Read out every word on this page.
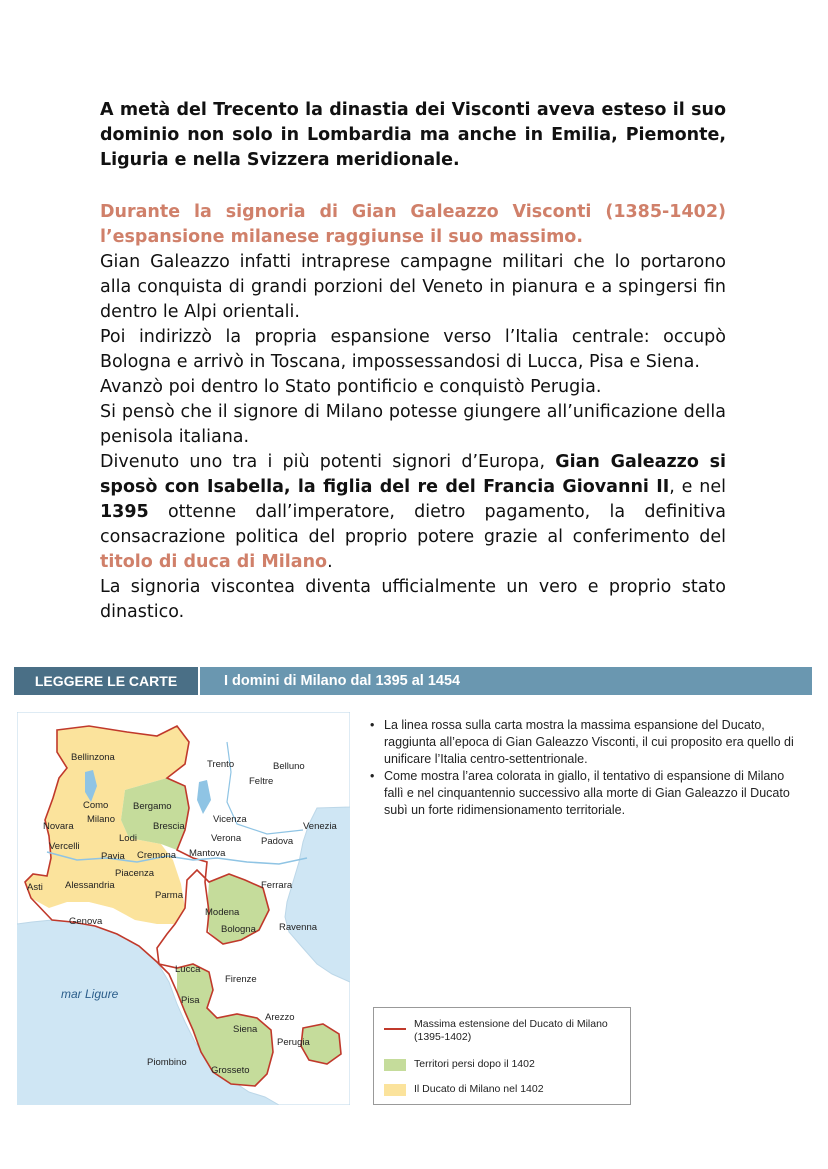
A metà del Trecento la dinastia dei Visconti aveva esteso il suo dominio non solo in Lombardia ma anche in Emilia, Piemonte, Liguria e nella Svizzera meridionale.
Durante la signoria di Gian Galeazzo Visconti (1385-1402) l’espansione milanese raggiunse il suo massimo.

Gian Galeazzo infatti intraprese campagne militari che lo portarono alla conquista di grandi porzioni del Veneto in pianura e a spingersi fin dentro le Alpi orientali.

Poi indirizzò la propria espansione verso l’Italia centrale: occupò Bologna e arrivò in Toscana, impossessandosi di Lucca, Pisa e Siena.

Avanzò poi dentro lo Stato pontificio e conquistò Perugia.

Si pensò che il signore di Milano potesse giungere all’unificazione della penisola italiana.

Divenuto uno tra i più potenti signori d’Europa, Gian Galeazzo si sposò con Isabella, la figlia del re del Francia Giovanni II, e nel 1395 ottenne dall’imperatore, dietro pagamento, la definitiva consacrazione politica del proprio potere grazie al conferimento del titolo di duca di Milano.

La signoria viscontea diventa ufficialmente un vero e proprio stato dinastico.

LEGGERE LE CARTE	I domini di Milano dal 1395 al 1454
• La linea rossa sulla carta mostra la massima espansione del Ducato, raggiunta all’epoca di Gian Galeazzo Visconti, il cui proposito era quello di unificare l’Italia centro-settentrionale.
• Come mostra l’area colorata in giallo, il tentativo di espansione di Milano fallì e nel cinquantennio successivo alla morte di Gian Galeazzo il Ducato subì un forte ridimensionamento territoriale.
Bellinzona
Trento	Belluno
Feltre
Como	Bergamo
Milano
Novara	Brescia
Vicenza
Venezia
Lodi	Verona Padova
Vercelli
Pavia Cremona Mantova
Piacenza
Asti Alessandria
Parma
Ferrara
Genova
Modena
Bologna Ravenna
Lucca
Firenze
Pisa
Arezzo
Siena
Perugia
Piombino
Grosseto
mar Ligure
Massima estensione del Ducato di Milano (1395-1402)
Territori persi dopo il 1402
Il Ducato di Milano nel 1402
